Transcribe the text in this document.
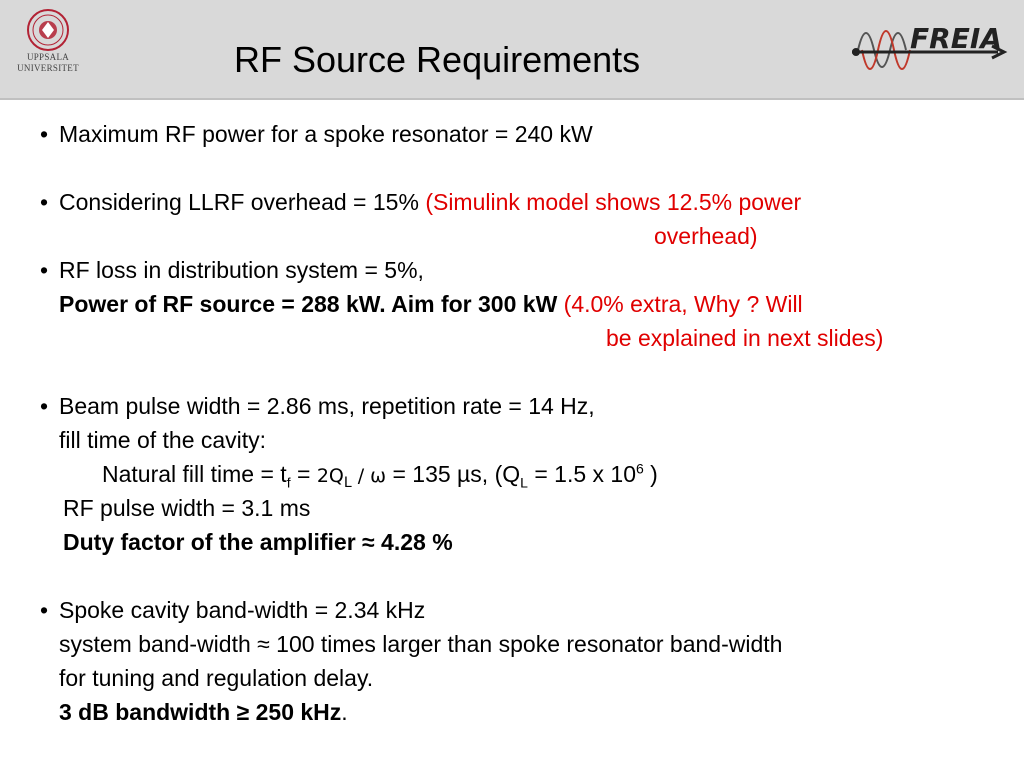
UPPSALA
UNIVERSITET	RF Source Requirements
FREIA
• Maximum RF power for a spoke resonator = 240 kW
• Considering LLRF overhead = 15% (Simulink model shows 12.5% power
overhead)
• RF loss in distribution system = 5%,
Power of RF source = 288 kW. Aim for 300 kW (4.0% extra, Why ? Will
be explained in next slides)
• Beam pulse width = 2.86 ms, repetition rate = 14 Hz,
fill time of the cavity:
Natural fill time = $t_f = 2Q_L / \omega = 135$ µs, ($Q_L = 1.5$ x $10^6$ )
RF pulse width = 3.1 ms
Duty factor of the amplifier ≈ 4.28 %
• Spoke cavity band-width = 2.34 kHz
system band-width ≈ 100 times larger than spoke resonator band-width
for tuning and regulation delay.
3 dB bandwidth ≥ 250 kHz.
